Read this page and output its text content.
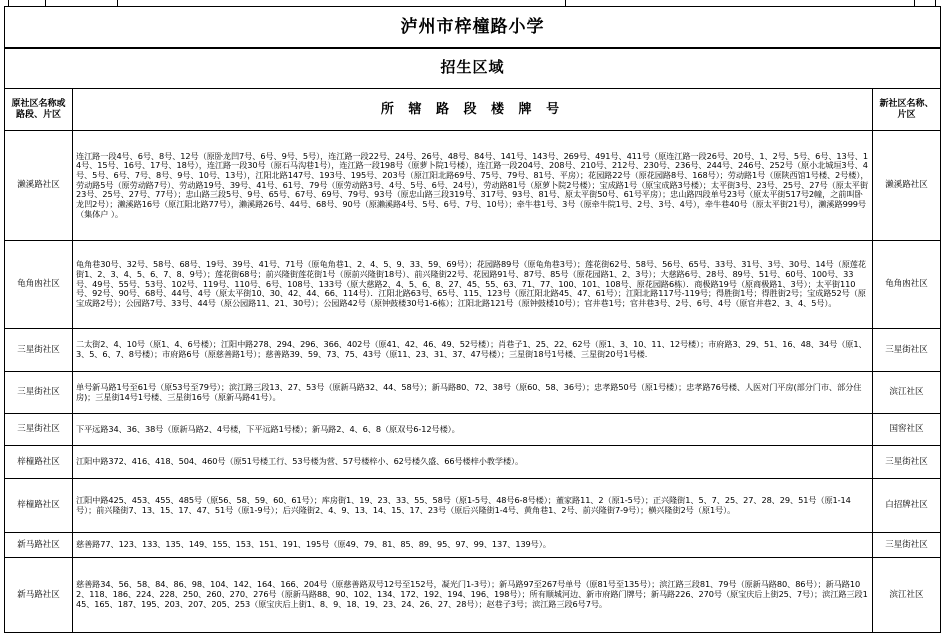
泸州市梓橦路小学		
招生区域		
原社区名称或路段、片区	所 辖 路 段 楼 牌 号	新社区名称、片区
濑溪路社区	连江路一段4号、6号、8号、12号（原卧龙凹7号、6号、9号、5号），连江路一段22号、24号、26号、48号、84号、141号、143号、269号、491号、411号（原连江路一段26号、20号、1、2号、5号、6号、13号、14号、15号、16号、17号、18号），连江路一段30号（原石马沟巷1号），连江路一段198号（原萝卜院1号楼），连江路一段204号、208号、210号、212号、230号、236号、244号、246号、252号（原小北城垣3号、4号、5号、6号、7号、8号、9号、10号、13号），江阳北路147号、193号、195号、203号（原江阳北路69号、75号、79号、81号、平房）；花园路22号（原花园路8号、168号）；劳动路1号（原陕西馆1号楼、2号楼），劳动路5号（原劳动路7号）、劳动路19号、39号、41号、61号、79号（原劳动路3号、4号、5号、6号、24号），劳动路81号（原萝卜院2号楼）；宝成路1号（原宝成路3号楼）；太平街3号、23号、25号、27号（原太平街23号、25号、27号、77号）；忠山路三段5号、9号、65号、67号、69号、79号、93号（原忠山路三段319号、317号、93号、81号、原太平街50号、61号平房）；忠山路四段单号23号（原太平街517号2幢，之前叫卧龙凹2号）；濑溪路16号（原江阳北路77号），濑溪路26号、44号、68号、90号（原濑溪路4号、5号、6号、7号、10号）；牵牛巷1号、3号（原牵牛院1号、2号、3号、4号），牵牛巷40号（原太平街21号），濑溪路999号（集体户 ）。	濑溪路社区
龟角凼社区	龟角巷30号、32号、58号、68号、19号、39号、41号、71号（原龟角巷1、2、4、5、9、33、59、69号）；花园路89号（原龟角巷3号）；莲花街62号、58号、56号、65号、33号、31号、3号、30号、14号（原莲花街1、2、3、4、5、6、7、8、9号）；莲花街68号；前兴隆街莲花街1号（原前兴隆街18号）、前兴隆街22号、花园路91号、87号、85号（原花园路1、2、3号）；大慈路6号、28号、89号、51号、60号、100号、33号、49号、55号、53号、102号、119号、110号、6号、108号、133号（原大慈路2、4、5、6、8、27、45、55、63、71、77、100、101、108号、原花园路6栋）．商极路19号（原商极路1、3号）；太平街110号、92号、90号、68号、44号、4号（原太平街10、30、42、44、66、114号）．江阳北路63号、65号、115、123号（原江阳北路45、47、61号）；江阳北路117号-119号；得胜街1号；得胜街2号；宝成路52号（原宝成路2号）；公园路7号、33号、44号（原公园路11、21、30号）；公园路42号（原钟鼓楼30号1-6栋）；江阳北路121号（原钟鼓楼10号）；官井巷1号；官井巷3号、2号、6号、4号（原官井巷2、3、4、5号）。	龟角凼社区
三星街社区	二太街2、4、10号（原1、4、6号楼）；江阳中路278、294、296、366、402号（原41、42、46、49、52号楼）；肖巷子1、25、22、62号（原1、3、10、11、12号楼）；市府路3、29、51、16、48、34号（原1、3、5、6、7、8号楼）；市府路6号（原慈善路1号）；慈善路39、59、73、75、43号（原11、23、31、37、47号楼）；三星街18号1号楼、三星街20号1号楼.	三星街社区
三星街社区	单号新马路1号至61号（原53号至79号）；滨江路三段13、27、53号（原新马路32、44、58号）；新马路80、72、38号（原60、58、36号）；忠孝路50号（原1号楼）；忠孝路76号楼、人医对门平房(部分门市、部分住房)；三星街14号1号楼、三星街16号（原新马路41号）。	滨江社区
三星街社区	下平远路34、36、38号（原新马路2、4号楼，下平远路1号楼）；新马路2、4、6、8（原双号6-12号楼）。	国窖社区
梓橦路社区	江阳中路372、416、418、504、460号（原51号楼工行、53号楼为营、57号楼梓小、62号楼久盛、66号楼梓小教学楼）。	三星街社区
梓橦路社区	江阳中路425、453、455、485号（原56、58、59、60、61号）；库房街1、19、23、33、55、58号（原1-5号、48号6-8号楼）；董家路11、2（原1-5号）；正兴隆街1、5、7、25、27、28、29、51号（原1-14号）；前兴隆街7、13、15、17、47、51号（原1-9号）；后兴隆街2、4、9、13、14、15、17、23号（原后兴隆街1-4号、黄角巷1、2号、前兴隆街7-9号）；横兴隆街2号（原1号）。	白招牌社区
新马路社区	慈善路77、123、133、135、149、155、153、151、191、195号（原49、79、81、85、89、95、97、99、137、139号）。	三星街社区
新马路社区	慈善路34、56、58、84、86、98、104、142、164、166、204号（原慈善路双号12号至152号，凝光门1-3号）；新马路97至267号单号（原81号至135号）；滨江路三段81、79号（原新马路80、86号）；新马路102、118、186、224、228、250、260、270、276号（原新马路88、90、102、134、172、192、194、196、198号）；所有顺城河边、新市府路门牌号；新马路226、270号（原宝庆后上街25、7号）；滨江路三段145、165、187、195、203、207、205、253（原宝庆后上街1、8、9、18、19、23、24、26、27、28号）；赵巷子3号；滨江路三段6号7号。	滨江社区
